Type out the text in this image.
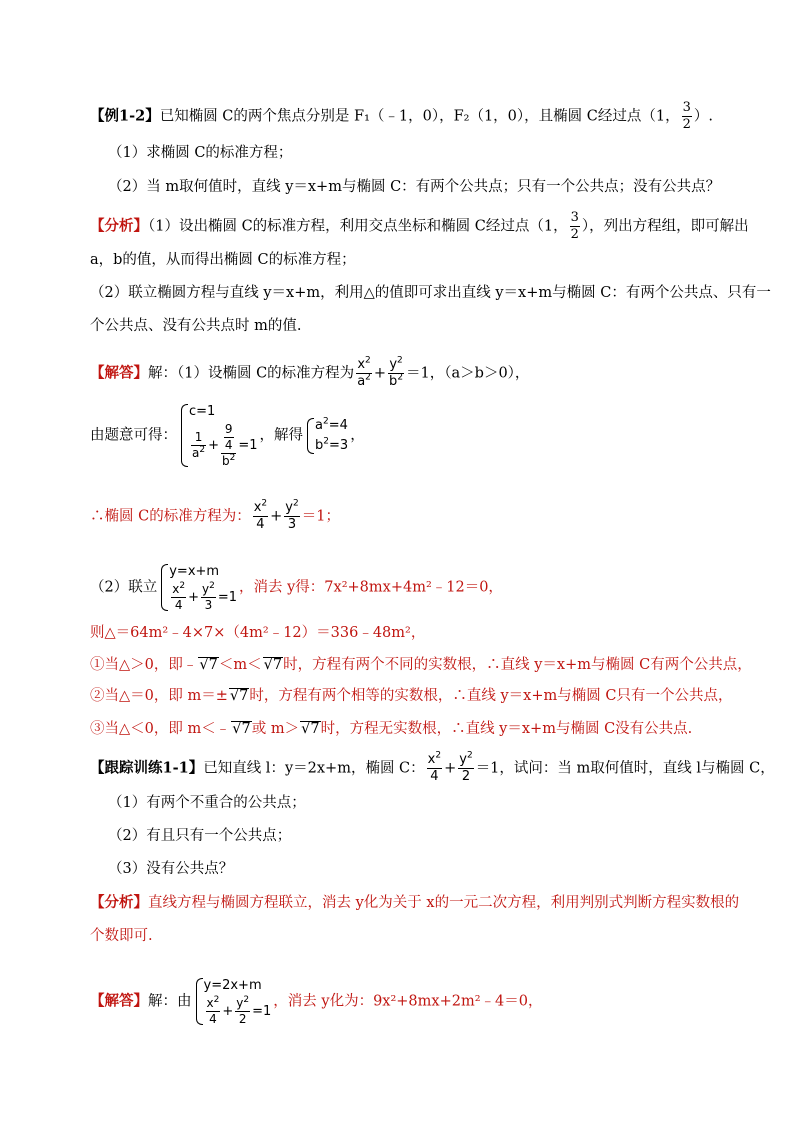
【例1-2】已知椭圆 C的两个焦点分别是 F₁（﹣1，0），F₂（1，0），且椭圆 C经过点（1， $\frac{3}{2}$ ）.
（1）求椭圆 C的标准方程；
（2）当 m取何值时，直线 y＝x+m与椭圆 C：有两个公共点；只有一个公共点；没有公共点？
【分析】（1）设出椭圆 C的标准方程，利用交点坐标和椭圆 C经过点（1， $\frac{3}{2}$ ），列出方程组，即可解出
a，b的值，从而得出椭圆 C的标准方程；
（2）联立椭圆方程与直线 y＝x+m，利用△的值即可求出直线 y＝x+m与椭圆 C：有两个公共点、只有一
个公共点、没有公共点时 m的值.
【解答】解：（1）设椭圆 C的标准方程为 $\frac{x^2}{a^2} + \frac{y^2}{b^2} =1$，（a＞b＞0），
由题意可得：
c=1
$\frac{1}{a^2} + \frac{\frac{9}{4}}{b^2} =1$
，解得
$a^2=4$
$b^2=3$
，
∴椭圆 C的标准方程为： $\frac{x^2}{4} + \frac{y^2}{3} =1$；
（2）联立
y=x+m
$\frac{x^2}{4} + \frac{y^2}{3} =1$
，消去 y得：7x²+8mx+4m²﹣12＝0，
则△＝64m²﹣4×7×（4m²﹣12）＝336﹣48m²，
①当△＞0，即﹣ √7＜m＜ √7时，方程有两个不同的实数根，∴直线 y＝x+m与椭圆 C有两个公共点，
②当△＝0，即 m＝± √7时，方程有两个相等的实数根，∴直线 y＝x+m与椭圆 C只有一个公共点，
③当△＜0，即 m＜﹣ √7或 m＞ √7时，方程无实数根，∴直线 y＝x+m与椭圆 C没有公共点.
【跟踪训练1-1】已知直线 l：y＝2x+m，椭圆 C： $\frac{x^2}{4} + \frac{y^2}{2} =1$，试问：当 m取何值时，直线 l与椭圆 C，
（1）有两个不重合的公共点；
（2）有且只有一个公共点；
（3）没有公共点？
【分析】直线方程与椭圆方程联立，消去 y化为关于 x的一元二次方程，利用判别式判断方程实数根的
个数即可.
【解答】解：由
y=2x+m
$\frac{x^2}{4} + \frac{y^2}{2} =1$
，消去 y化为：9x²+8mx+2m²﹣4＝0，
